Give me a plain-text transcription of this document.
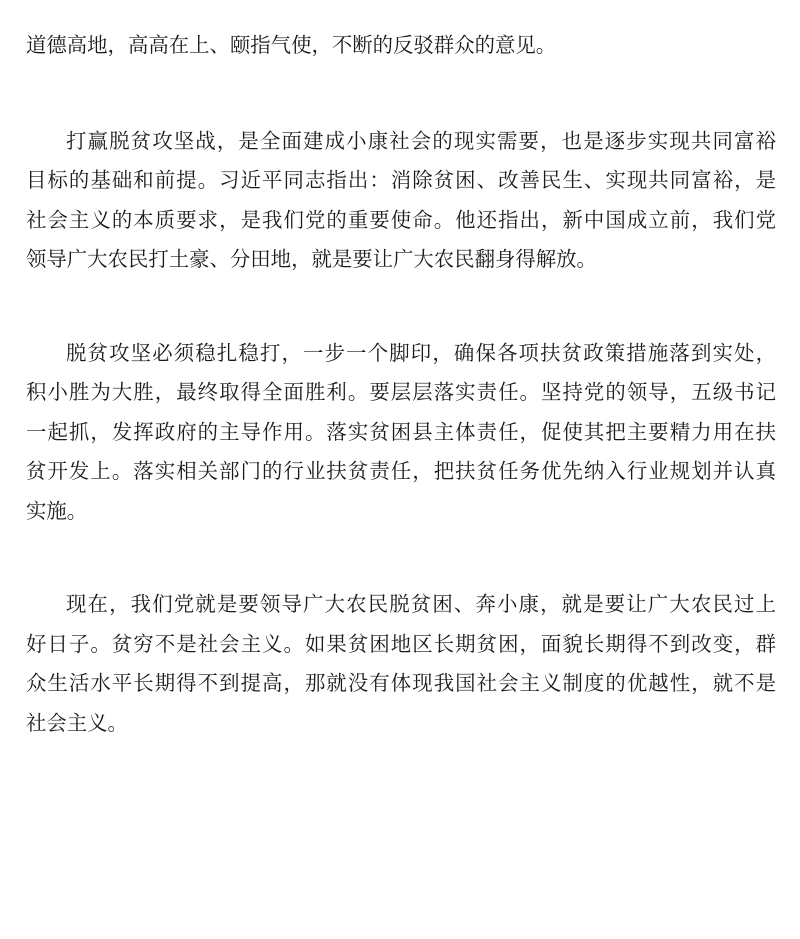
道德高地，高高在上、颐指气使，不断的反驳群众的意见。
打赢脱贫攻坚战，是全面建成小康社会的现实需要，也是逐步实现共同富裕
目标的基础和前提。习近平同志指出：消除贫困、改善民生、实现共同富裕，是
社会主义的本质要求，是我们党的重要使命。他还指出，新中国成立前，我们党
领导广大农民打土豪、分田地，就是要让广大农民翻身得解放。
脱贫攻坚必须稳扎稳打，一步一个脚印，确保各项扶贫政策措施落到实处，
积小胜为大胜，最终取得全面胜利。要层层落实责任。坚持党的领导，五级书记
一起抓，发挥政府的主导作用。落实贫困县主体责任，促使其把主要精力用在扶
贫开发上。落实相关部门的行业扶贫责任，把扶贫任务优先纳入行业规划并认真
实施。
现在，我们党就是要领导广大农民脱贫困、奔小康，就是要让广大农民过上
好日子。贫穷不是社会主义。如果贫困地区长期贫困，面貌长期得不到改变，群
众生活水平长期得不到提高，那就没有体现我国社会主义制度的优越性，就不是
社会主义。
